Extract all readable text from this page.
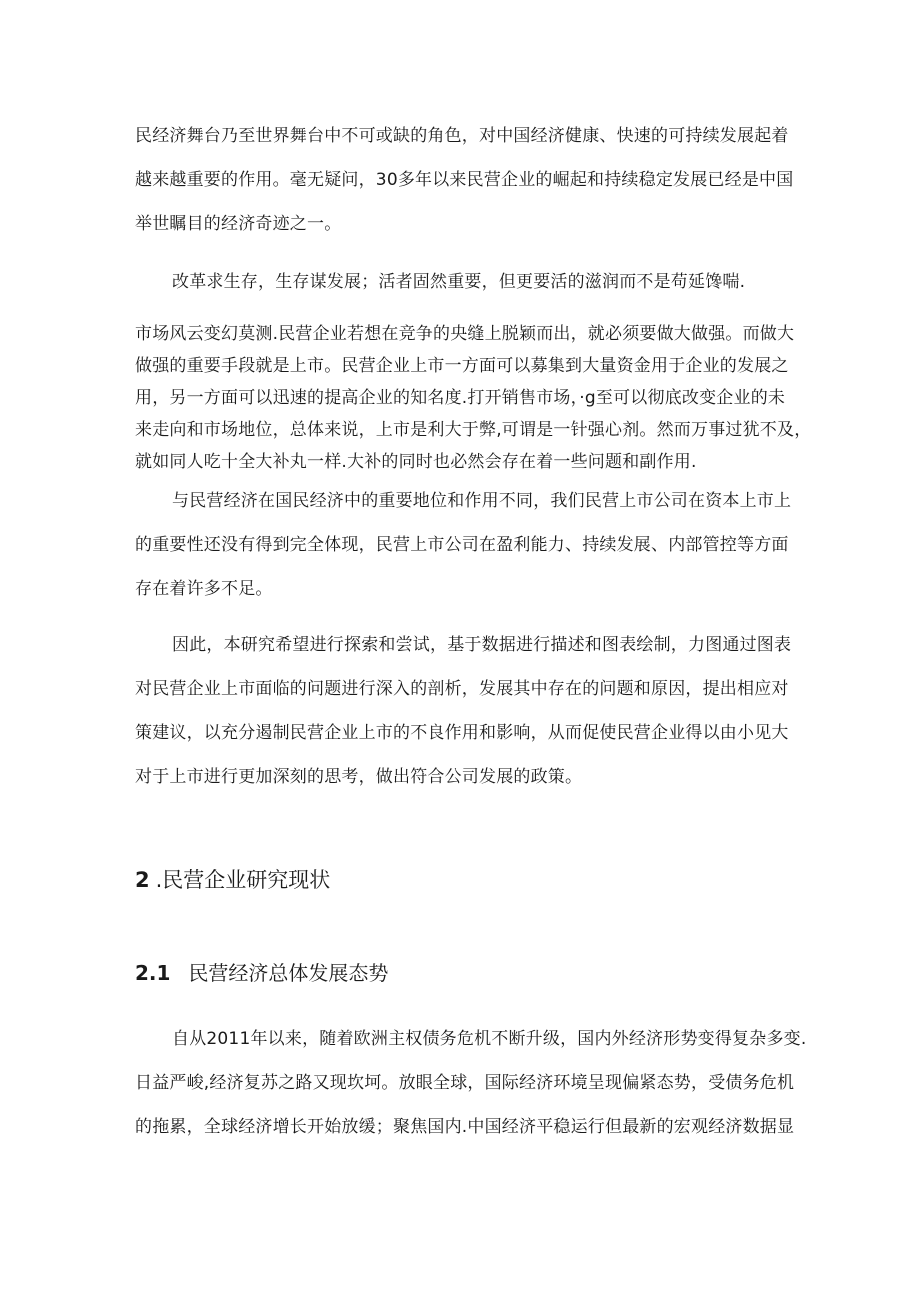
民经济舞台乃至世界舞台中不可或缺的角色，对中国经济健康、快速的可持续发展起着
越来越重要的作用。毫无疑问，30多年以来民营企业的崛起和持续稳定发展已经是中国
举世瞩目的经济奇迹之一。
改革求生存，生存谋发展；活者固然重要，但更要活的滋润而不是苟延馋喘.
市场风云变幻莫测.民营企业若想在竞争的央缝上脱颖而出，就必须要做大做强。而做大
做强的重要手段就是上市。民营企业上市一方面可以募集到大量资金用于企业的发展之
用，另一方面可以迅速的提高企业的知名度.打开销售市场，·g至可以彻底改变企业的未
来走向和市场地位，总体来说，上市是利大于弊,可谓是一针强心剂。然而万事过犹不及，
就如同人吃十全大补丸一样.大补的同时也必然会存在着一些问题和副作用.
与民营经济在国民经济中的重要地位和作用不同，我们民营上市公司在资本上市上
的重要性还没有得到完全体现，民营上市公司在盈利能力、持续发展、内部管控等方面
存在着许多不足。
因此，本研究希望进行探索和尝试，基于数据进行描述和图表绘制，力图通过图表
对民营企业上市面临的问题进行深入的剖析，发展其中存在的问题和原因，提出相应对
策建议，以充分遏制民营企业上市的不良作用和影响，从而促使民营企业得以由小见大
对于上市进行更加深刻的思考，做出符合公司发展的政策。
2 .民营企业研究现状
2.1 民营经济总体发展态势
自从2011年以来，随着欧洲主权债务危机不断升级，国内外经济形势变得复杂多变.
日益严峻,经济复苏之路又现坎坷。放眼全球，国际经济环境呈现偏紧态势，受债务危机
的拖累，全球经济增长开始放缓；聚焦国内.中国经济平稳运行但最新的宏观经济数据显
